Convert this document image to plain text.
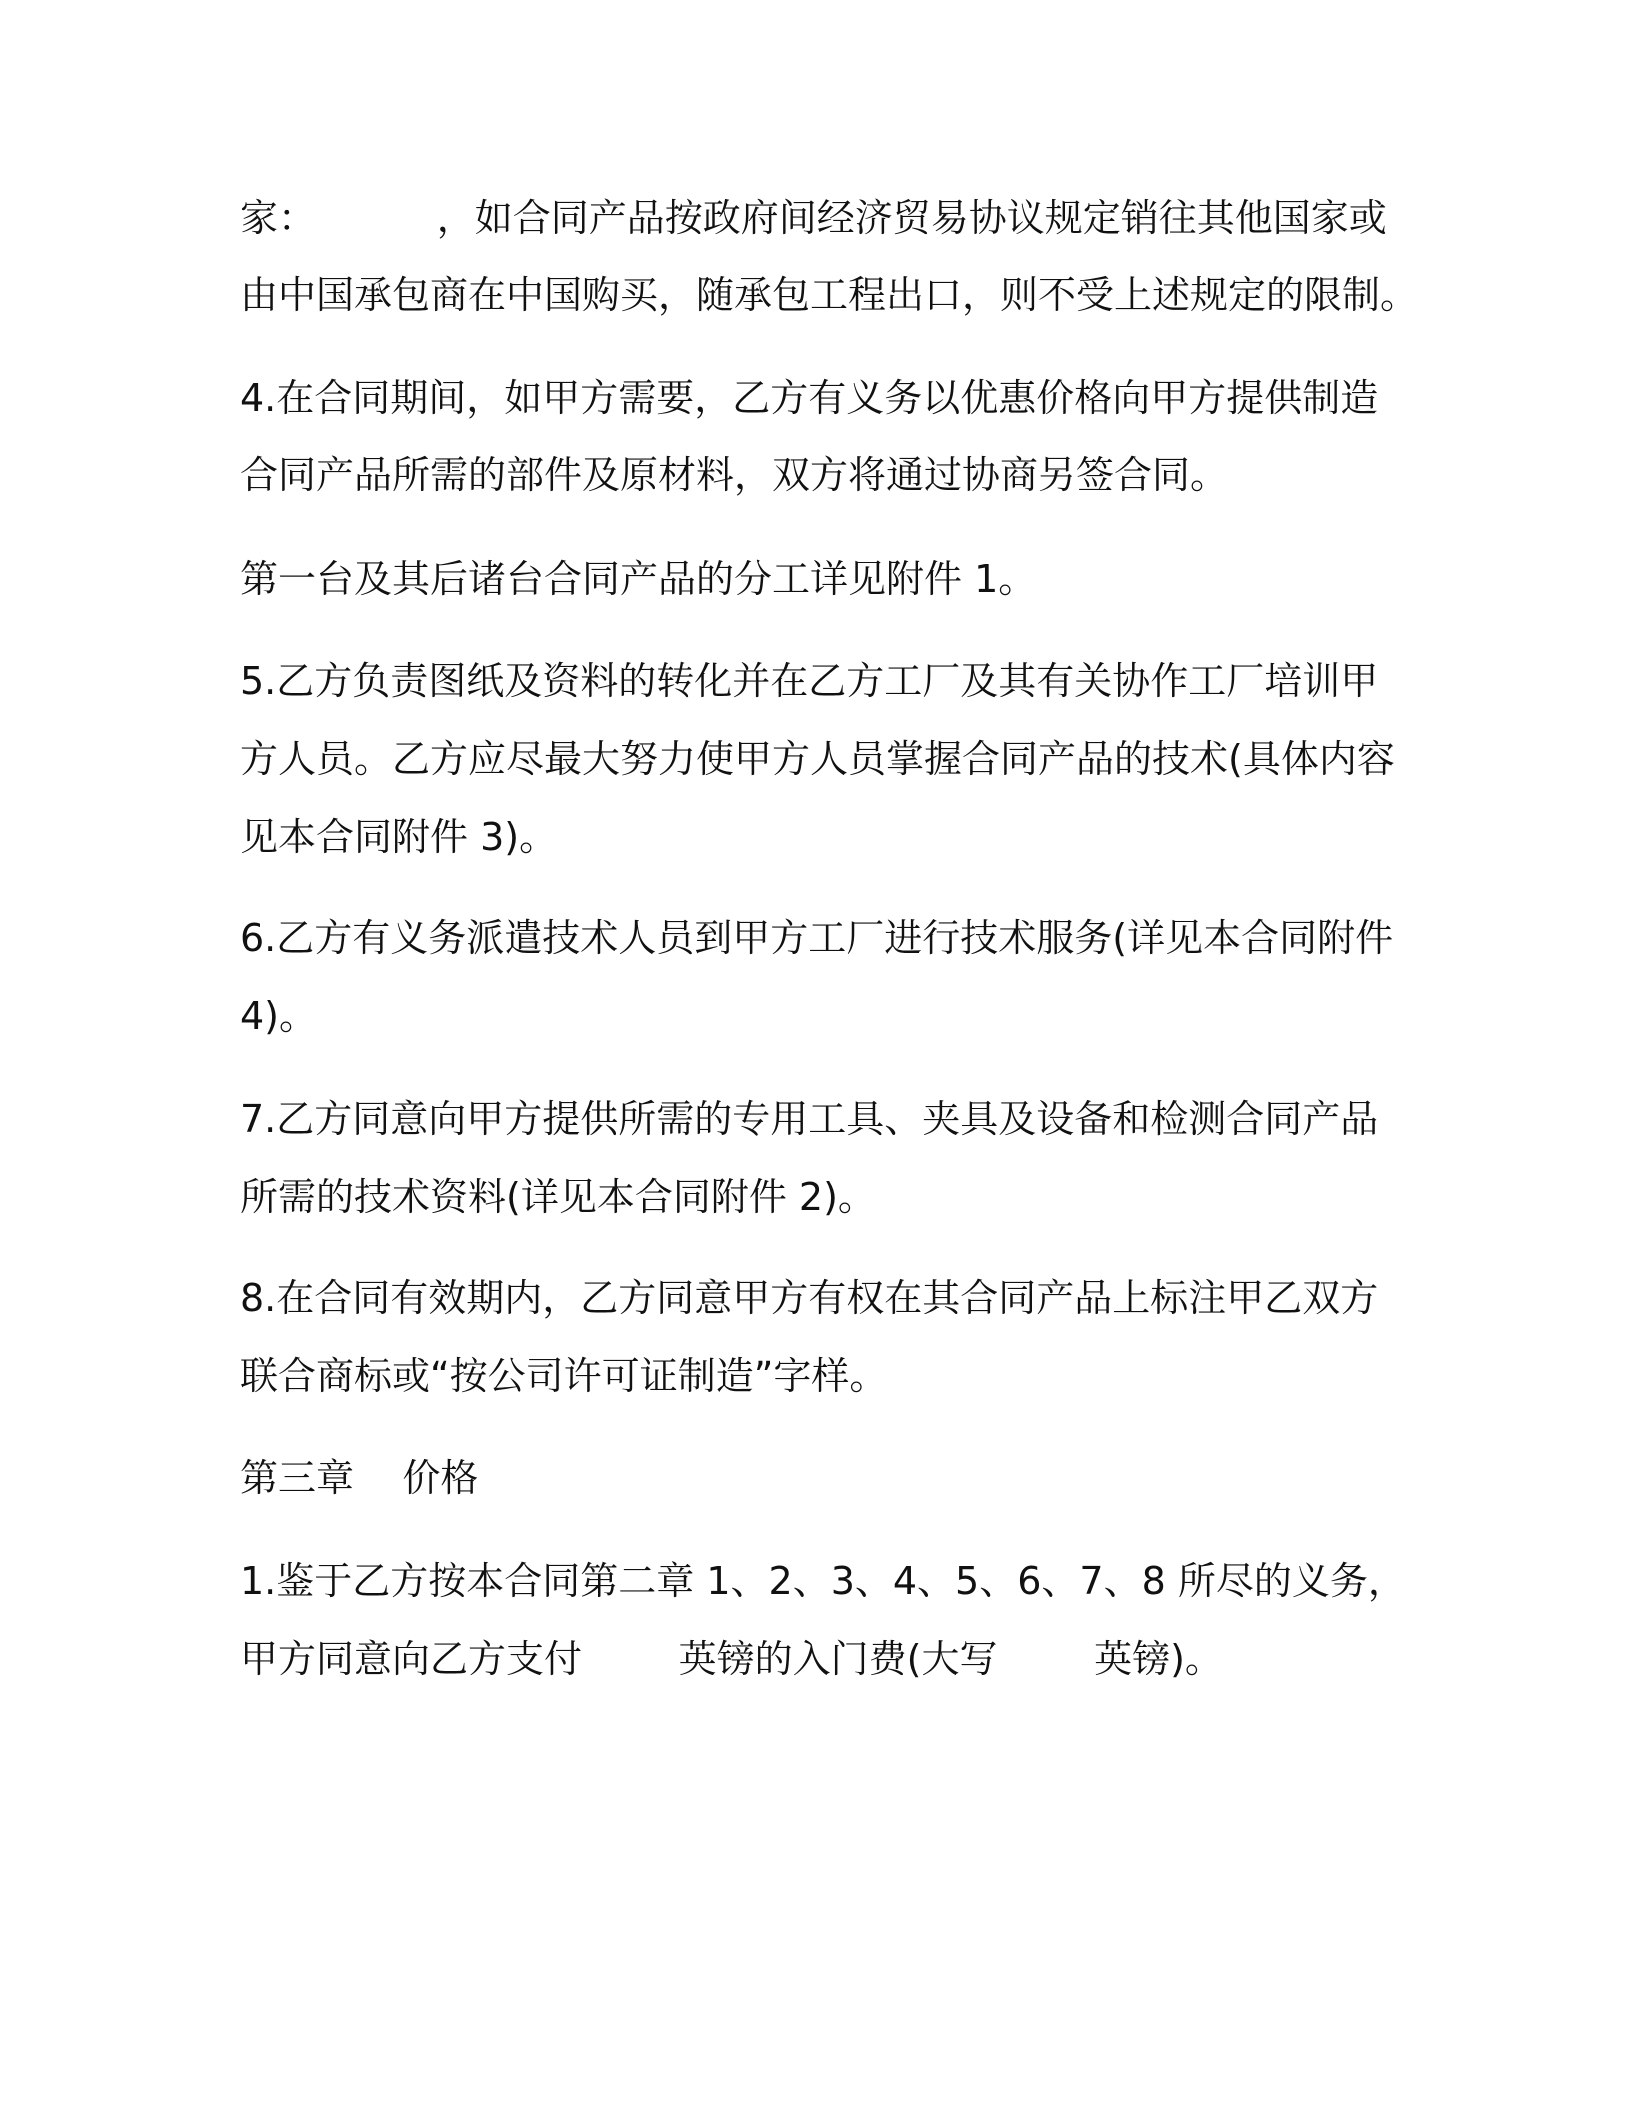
家：          ，如合同产品按政府间经济贸易协议规定销往其他国家或
由中国承包商在中国购买，随承包工程出口，则不受上述规定的限制。
4.在合同期间，如甲方需要，乙方有义务以优惠价格向甲方提供制造
合同产品所需的部件及原材料，双方将通过协商另签合同。
第一台及其后诸台合同产品的分工详见附件 1。
5.乙方负责图纸及资料的转化并在乙方工厂及其有关协作工厂培训甲
方人员。乙方应尽最大努力使甲方人员掌握合同产品的技术(具体内容
见本合同附件 3)。
6.乙方有义务派遣技术人员到甲方工厂进行技术服务(详见本合同附件
4)。
7.乙方同意向甲方提供所需的专用工具、夹具及设备和检测合同产品
所需的技术资料(详见本合同附件 2)。
8.在合同有效期内，乙方同意甲方有权在其合同产品上标注甲乙双方
联合商标或“按公司许可证制造”字样。
第三章    价格
1.鉴于乙方按本合同第二章 1、2、3、4、5、6、7、8 所尽的义务，
甲方同意向乙方支付        英镑的入门费(大写        英镑)。
